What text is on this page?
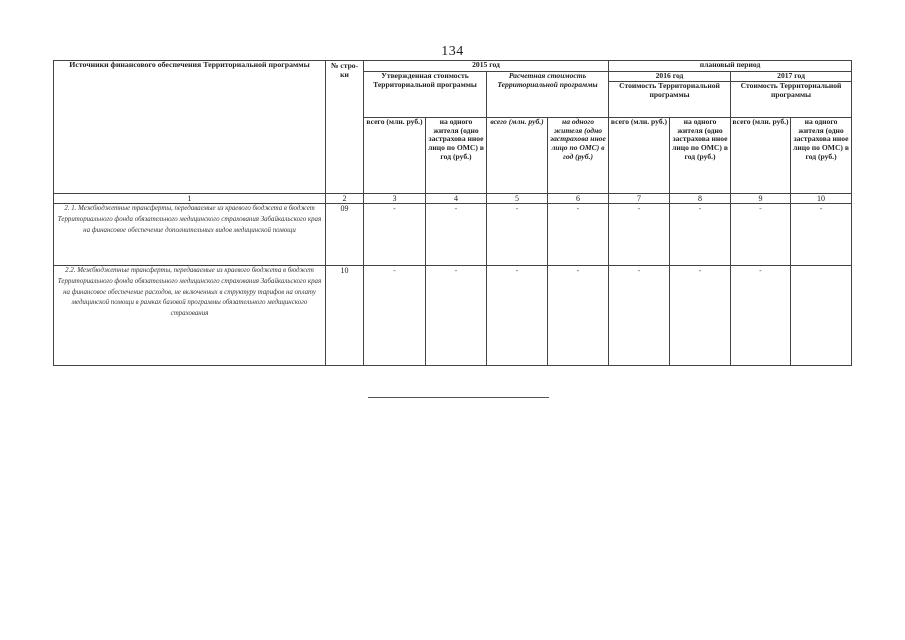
134
Источники финансового обеспечения Территориальной программы	№ стро-ки	2015 год				плановый период			
		Утвержденная стоимость Территориальной программы		Расчетная стоимость Территориальной программы		2016 год		2017 год	
						Стоимость Территориальной программы		Стоимость Территориальной программы	
		всего (млн. руб.)	на одного жителя (одно застрахова нное лицо по ОМС) в год (руб.)	всего (млн. руб.)	на одного жителя (одно застрахова нное лицо по ОМС) в год (руб.)	всего (млн. руб.)	на одного жителя (одно застрахова нное лицо по ОМС) в год (руб.)	всего (млн. руб.)	на одного жителя (одно застрахова нное лицо по ОМС) в год (руб.)
1	2	3	4	5	6	7	8	9	10
2. 1. Межбюджетные трансферты, передаваемые из краевого бюджета в бюджет Территориального фонда обязательного медицинского страхования Забайкальского края на финансовое обеспечение дополнительных видов медицинской помощи	09	-	-	-	-	-	-	-	-
2.2. Межбюджетные трансферты, передаваемые из краевого бюджета в бюджет Территориального фонда обязательного медицинского страхования Забайкальского края на финансовое обеспечение расходов, не включенных в структуру тарифов на оплату медицинской помощи в рамках базовой программы обязательного медицинского страхования	10	-	-	-	-	-	-	-	
